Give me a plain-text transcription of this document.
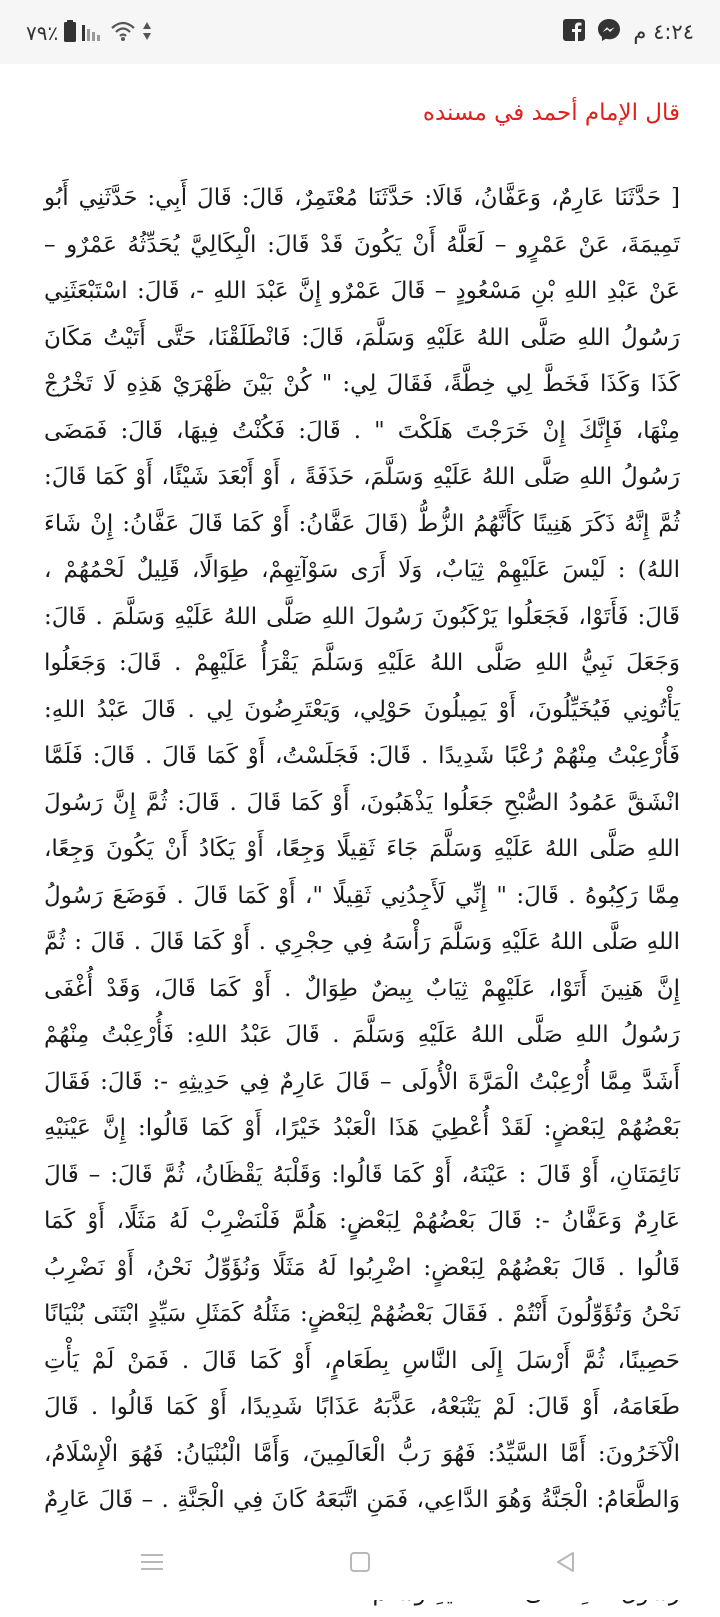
٧٩٪	٤:٢٤ م
قال الإمام أحمد في مسنده
[ حَدَّثَنَا عَارِمٌ، وَعَفَّانُ، قَالَا: حَدَّثَنَا مُعْتَمِرٌ، قَالَ: قَالَ أَبِي: حَدَّثَنِي أَبُو تَمِيمَةَ، عَنْ عَمْرٍو – لَعَلَّهُ أَنْ يَكُونَ قَدْ قَالَ: الْبِكَالِيَّ يُحَدِّثُهُ عَمْرٌو – عَنْ عَبْدِ اللهِ بْنِ مَسْعُودٍ – قَالَ عَمْرٌو إِنَّ عَبْدَ اللهِ -، قَالَ: اسْتَبْعَثَنِي رَسُولُ اللهِ صَلَّى اللهُ عَلَيْهِ وَسَلَّمَ، قَالَ: فَانْطَلَقْنَا، حَتَّى أَتَيْتُ مَكَانَ كَذَا وَكَذَا فَخَطَّ لِي خِطَّةً، فَقَالَ لِي: " كُنْ بَيْنَ ظَهْرَيْ هَذِهِ لَا تَخْرُجْ مِنْهَا، فَإِنَّكَ إِنْ خَرَجْتَ هَلَكْتَ " . قَالَ: فَكُنْتُ فِيهَا، قَالَ: فَمَضَى رَسُولُ اللهِ صَلَّى اللهُ عَلَيْهِ وَسَلَّمَ، حَذَفَةً ، أَوْ أَبْعَدَ شَيْئًا، أَوْ كَمَا قَالَ: ثُمَّ إِنَّهُ ذَكَرَ هَنِينًا كَأَنَّهُمُ الزُّطُّ (قَالَ عَفَّانُ: أَوْ كَمَا قَالَ عَفَّانُ: إِنْ شَاءَ اللهُ) : لَيْسَ عَلَيْهِمْ ثِيَابٌ، وَلَا أَرَى سَوْآتِهِمْ، طِوَالًا، قَلِيلٌ لَحْمُهُمْ ، قَالَ: فَأَتَوْا، فَجَعَلُوا يَرْكَبُونَ رَسُولَ اللهِ صَلَّى اللهُ عَلَيْهِ وَسَلَّمَ . قَالَ: وَجَعَلَ نَبِيُّ اللهِ صَلَّى اللهُ عَلَيْهِ وَسَلَّمَ يَقْرَأُ عَلَيْهِمْ . قَالَ: وَجَعَلُوا يَأْتُونِي فَيُخَيِّلُونَ، أَوْ يَمِيلُونَ حَوْلِي، وَيَعْتَرِضُونَ لِي . قَالَ عَبْدُ اللهِ: فَأُرْعِبْتُ مِنْهُمْ رُعْبًا شَدِيدًا . قَالَ: فَجَلَسْتُ، أَوْ كَمَا قَالَ . قَالَ: فَلَمَّا انْشَقَّ عَمُودُ الصُّبْحِ جَعَلُوا يَذْهَبُونَ، أَوْ كَمَا قَالَ . قَالَ: ثُمَّ إِنَّ رَسُولَ اللهِ صَلَّى اللهُ عَلَيْهِ وَسَلَّمَ جَاءَ ثَقِيلًا وَجِعًا، أَوْ يَكَادُ أَنْ يَكُونَ وَجِعًا، مِمَّا رَكِبُوهُ . قَالَ: " إِنِّي لَأَجِدُنِي ثَقِيلًا "، أَوْ كَمَا قَالَ . فَوَضَعَ رَسُولُ اللهِ صَلَّى اللهُ عَلَيْهِ وَسَلَّمَ رَأْسَهُ فِي حِجْرِي . أَوْ كَمَا قَالَ . قَالَ : ثُمَّ إِنَّ هَنِينَ أَتَوْا، عَلَيْهِمْ ثِيَابٌ بِيضٌ طِوَالٌ . أَوْ كَمَا قَالَ، وَقَدْ أُغْفَى رَسُولُ اللهِ صَلَّى اللهُ عَلَيْهِ وَسَلَّمَ . قَالَ عَبْدُ اللهِ: فَأُرْعِبْتُ مِنْهُمْ أَشَدَّ مِمَّا أُرْعِبْتُ الْمَرَّةَ الْأُولَى – قَالَ عَارِمٌ فِي حَدِيثِهِ -: قَالَ: فَقَالَ بَعْضُهُمْ لِبَعْضٍ: لَقَدْ أُعْطِيَ هَذَا الْعَبْدُ خَيْرًا، أَوْ كَمَا قَالُوا: إِنَّ عَيْنَيْهِ نَائِمَتَانِ، أَوْ قَالَ : عَيْنَهُ، أَوْ كَمَا قَالُوا: وَقَلْبَهُ يَقْظَانُ، ثُمَّ قَالَ: – قَالَ عَارِمٌ وَعَفَّانُ -: قَالَ بَعْضُهُمْ لِبَعْضٍ: هَلُمَّ فَلْنَضْرِبْ لَهُ مَثَلًا، أَوْ كَمَا قَالُوا . قَالَ بَعْضُهُمْ لِبَعْضٍ: اضْرِبُوا لَهُ مَثَلًا وَنُؤَوِّلُ نَحْنُ، أَوْ نَضْرِبُ نَحْنُ وَتُؤَوِّلُونَ أَنْتُمْ . فَقَالَ بَعْضُهُمْ لِبَعْضٍ: مَثَلُهُ كَمَثَلِ سَيِّدٍ ابْتَنَى بُنْيَانًا حَصِينًا، ثُمَّ أَرْسَلَ إِلَى النَّاسِ بِطَعَامٍ، أَوْ كَمَا قَالَ . فَمَنْ لَمْ يَأْتِ طَعَامَهُ، أَوْ قَالَ: لَمْ يَتْبَعْهُ، عَذَّبَهُ عَذَابًا شَدِيدًا، أَوْ كَمَا قَالُوا . قَالَ الْآخَرُونَ: أَمَّا السَّيِّدُ: فَهُوَ رَبُّ الْعَالَمِينَ، وَأَمَّا الْبُنْيَانُ: فَهُوَ الْإِسْلَامُ، وَالطَّعَامُ: الْجَنَّةُ وَهُوَ الدَّاعِي، فَمَنِ اتَّبَعَهُ كَانَ فِي الْجَنَّةِ . – قَالَ عَارِمٌ
